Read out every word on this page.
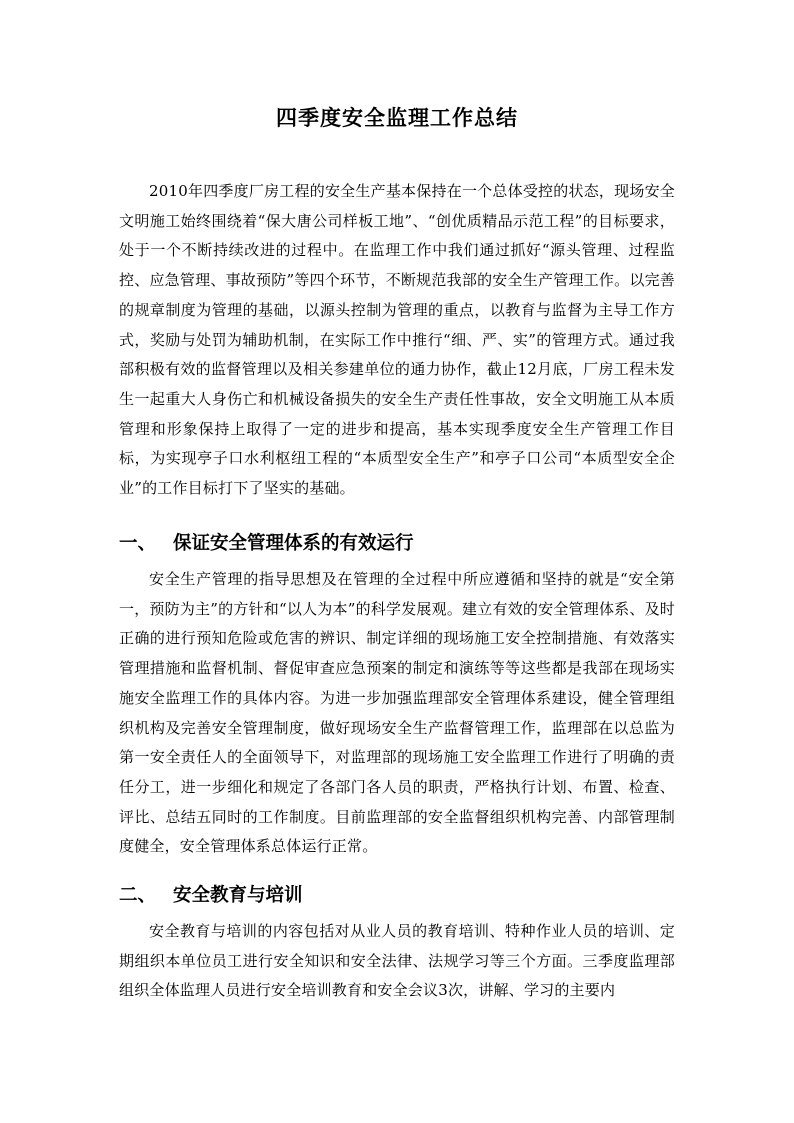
四季度安全监理工作总结

2010年四季度厂房工程的安全生产基本保持在一个总体受控的状态，现场安全文明施工始终围绕着“保大唐公司样板工地”、“创优质精品示范工程”的目标要求，处于一个不断持续改进的过程中。在监理工作中我们通过抓好“源头管理、过程监控、应急管理、事故预防”等四个环节，不断规范我部的安全生产管理工作。以完善的规章制度为管理的基础，以源头控制为管理的重点，以教育与监督为主导工作方式，奖励与处罚为辅助机制，在实际工作中推行“细、严、实”的管理方式。通过我部积极有效的监督管理以及相关参建单位的通力协作，截止12月底，厂房工程未发生一起重大人身伤亡和机械设备损失的安全生产责任性事故，安全文明施工从本质管理和形象保持上取得了一定的进步和提高，基本实现季度安全生产管理工作目标，为实现亭子口水利枢纽工程的“本质型安全生产”和亭子口公司“本质型安全企业”的工作目标打下了坚实的基础。

一、 保证安全管理体系的有效运行

安全生产管理的指导思想及在管理的全过程中所应遵循和坚持的就是“安全第一，预防为主”的方针和“以人为本”的科学发展观。建立有效的安全管理体系、及时正确的进行预知危险或危害的辨识、制定详细的现场施工安全控制措施、有效落实管理措施和监督机制、督促审查应急预案的制定和演练等等这些都是我部在现场实施安全监理工作的具体内容。为进一步加强监理部安全管理体系建设，健全管理组织机构及完善安全管理制度，做好现场安全生产监督管理工作，监理部在以总监为第一安全责任人的全面领导下，对监理部的现场施工安全监理工作进行了明确的责任分工，进一步细化和规定了各部门各人员的职责，严格执行计划、布置、检查、评比、总结五同时的工作制度。目前监理部的安全监督组织机构完善、内部管理制度健全，安全管理体系总体运行正常。

二、 安全教育与培训

安全教育与培训的内容包括对从业人员的教育培训、特种作业人员的培训、定期组织本单位员工进行安全知识和安全法律、法规学习等三个方面。三季度监理部组织全体监理人员进行安全培训教育和安全会议3次，讲解、学习的主要内
